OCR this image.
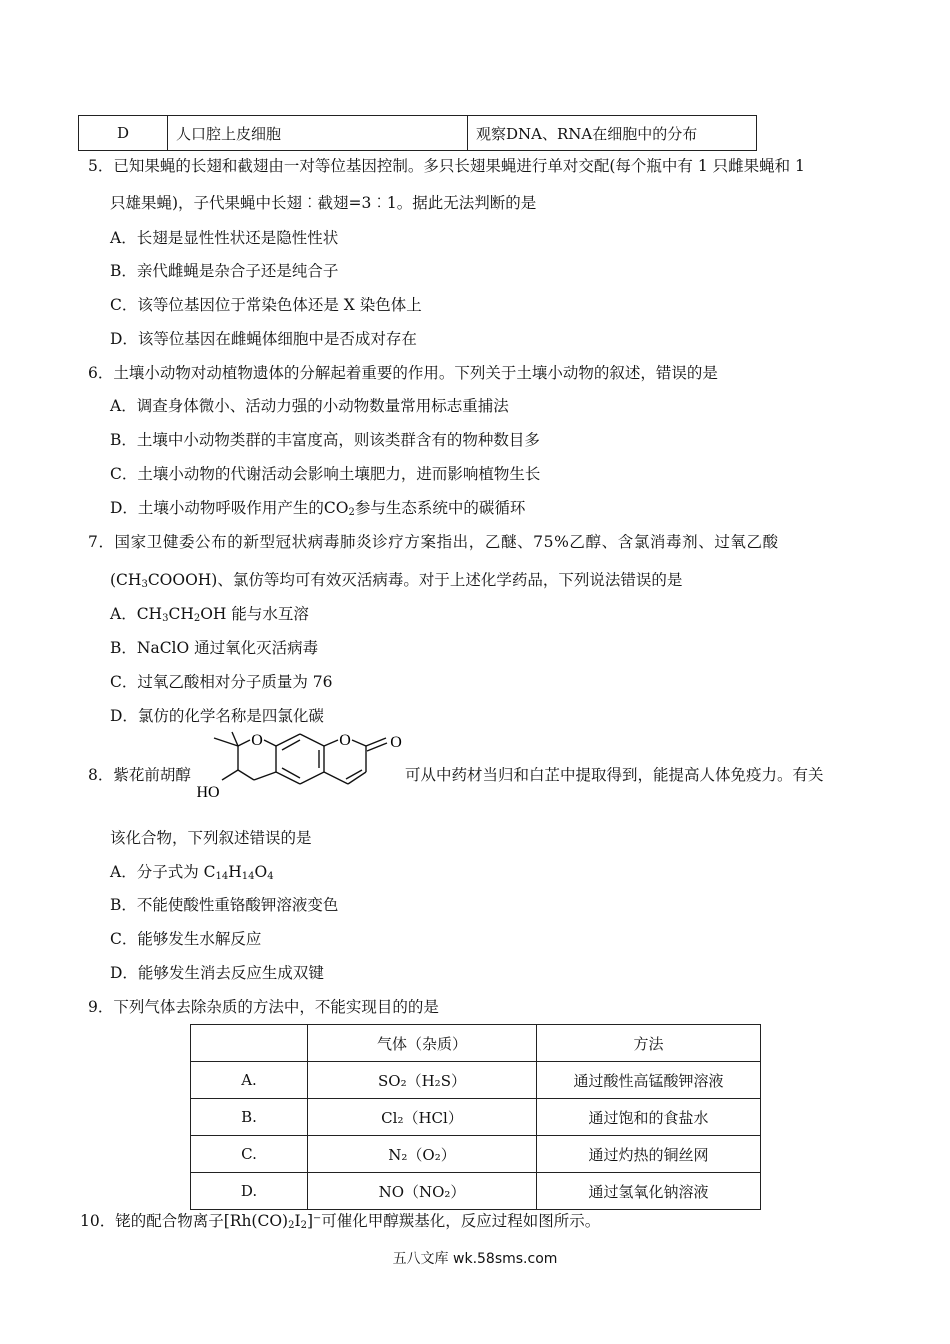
D	人口腔上皮细胞	观察DNA、RNA在细胞中的分布
5．已知果蝇的长翅和截翅由一对等位基因控制。多只长翅果蝇进行单对交配(每个瓶中有 1 只雌果蝇和 1
只雄果蝇)，子代果蝇中长翅︰截翅=3︰1。据此无法判断的是
A．长翅是显性性状还是隐性性状
B．亲代雌蝇是杂合子还是纯合子
C．该等位基因位于常染色体还是 X 染色体上
D．该等位基因在雌蝇体细胞中是否成对存在
6．土壤小动物对动植物遗体的分解起着重要的作用。下列关于土壤小动物的叙述，错误的是
A．调查身体微小、活动力强的小动物数量常用标志重捕法
B．土壤中小动物类群的丰富度高，则该类群含有的物种数目多
C．土壤小动物的代谢活动会影响土壤肥力，进而影响植物生长
D．土壤小动物呼吸作用产生的$CO_2$参与生态系统中的碳循环
7．国家卫健委公布的新型冠状病毒肺炎诊疗方案指出，乙醚、75%乙醇、含氯消毒剂、过氧乙酸
$(CH_3COOOH)$、氯仿等均可有效灭活病毒。对于上述化学药品，下列说法错误的是
A．$CH_3CH_2OH$ 能与水互溶
B．NaClO 通过氧化灭活病毒
C．过氧乙酸相对分子质量为 76
D．氯仿的化学名称是四氯化碳
8．紫花前胡醇
O	O O
HO
可从中药材当归和白芷中提取得到，能提高人体免疫力。有关
该化合物，下列叙述错误的是
A．分子式为 $C_{14}H_{14}O_4$
B．不能使酸性重铬酸钾溶液变色
C．能够发生水解反应
D．能够发生消去反应生成双键
9．下列气体去除杂质的方法中，不能实现目的的是
	气体（杂质）	方法
A.	SO₂（H₂S）	通过酸性高锰酸钾溶液
B.	Cl₂（HCl）	通过饱和的食盐水
C.	N₂（O₂）	通过灼热的铜丝网
D.	NO（NO₂）	通过氢氧化钠溶液
10．铑的配合物离子$[Rh(CO)_2I_2]^-$可催化甲醇羰基化，反应过程如图所示。
五八文库 wk.58sms.com
